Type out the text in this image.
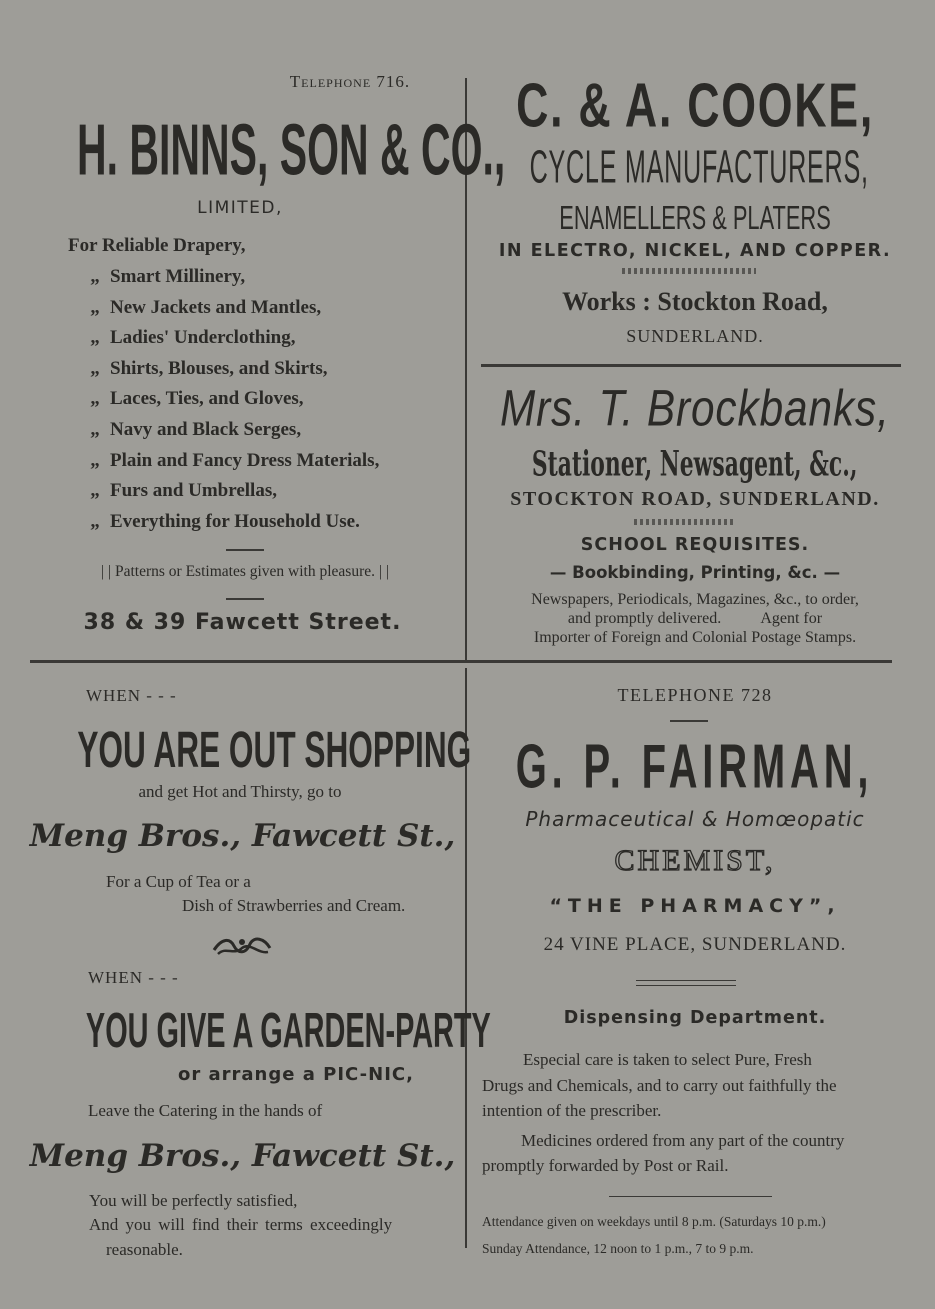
Telephone 716.
H. BINNS, SON & CO.,
LIMITED,
For Reliable Drapery,
„ Smart Millinery,
„ New Jackets and Mantles,
„ Ladies' Underclothing,
„ Shirts, Blouses, and Skirts,
„ Laces, Ties, and Gloves,
„ Navy and Black Serges,
„ Plain and Fancy Dress Materials,
„ Furs and Umbrellas,
„ Everything for Household Use.
| | Patterns or Estimates given with pleasure. | |
38 & 39 Fawcett Street.
C. & A. COOKE,
CYCLE MANUFACTURERS,
ENAMELLERS & PLATERS
IN ELECTRO, NICKEL, AND COPPER.
Works : Stockton Road,
SUNDERLAND.
Mrs. T. Brockbanks,
Stationer, Newsagent, &c.,
STOCKTON ROAD, SUNDERLAND.
SCHOOL REQUISITES.
— Bookbinding, Printing, &c. —
Newspapers, Periodicals, Magazines, &c., to order,
and promptly delivered.          Agent for
Importer of Foreign and Colonial Postage Stamps.
WHEN - - -
YOU ARE OUT SHOPPING
and get Hot and Thirsty, go to
Meng Bros., Fawcett St.,
For a Cup of Tea or a
Dish of Strawberries and Cream.
WHEN - - -
YOU GIVE A GARDEN-PARTY
or arrange a PIC-NIC,
Leave the Catering in the hands of
Meng Bros., Fawcett St.,
You will be perfectly satisfied,
And you will find their terms exceedingly
reasonable.
TELEPHONE 728
G. P. FAIRMAN,
Pharmaceutical & Homœopatic
CHEMIST,
“THE PHARMACY”,
24 VINE PLACE, SUNDERLAND.
Dispensing Department.
Especial care is taken to select Pure, Fresh
Drugs and Chemicals, and to carry out faithfully the
intention of the prescriber.
Medicines ordered from any part of the country
promptly forwarded by Post or Rail.
Attendance given on weekdays until 8 p.m. (Saturdays 10 p.m.)
Sunday Attendance, 12 noon to 1 p.m., 7 to 9 p.m.
